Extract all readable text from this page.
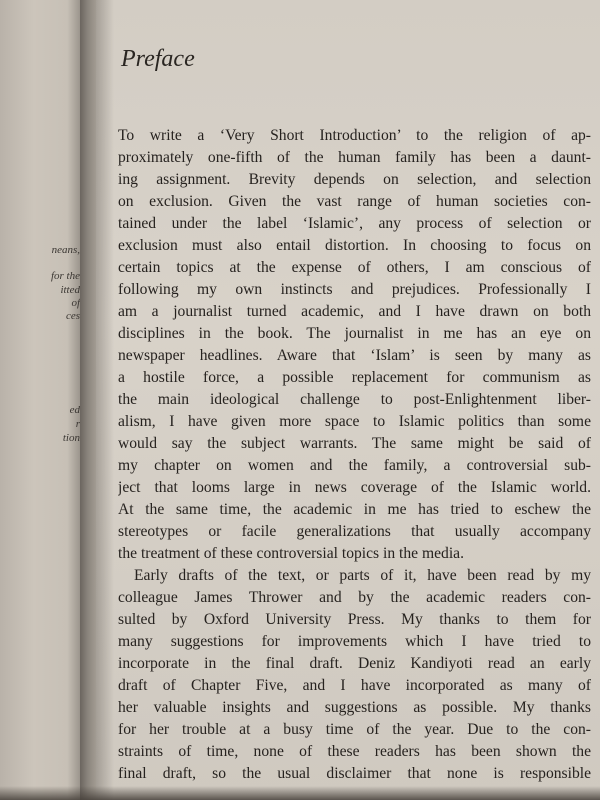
neans,
for the
itted
of
ces
ed
r
tion
Preface
To write a ‘Very Short Introduction’ to the religion of ap-
proximately one-fifth of the human family has been a daunt-
ing assignment. Brevity depends on selection, and selection
on exclusion. Given the vast range of human societies con-
tained under the label ‘Islamic’, any process of selection or
exclusion must also entail distortion. In choosing to focus on
certain topics at the expense of others, I am conscious of
following my own instincts and prejudices. Professionally I
am a journalist turned academic, and I have drawn on both
disciplines in the book. The journalist in me has an eye on
newspaper headlines. Aware that ‘Islam’ is seen by many as
a hostile force, a possible replacement for communism as
the main ideological challenge to post-Enlightenment liber-
alism, I have given more space to Islamic politics than some
would say the subject warrants. The same might be said of
my chapter on women and the family, a controversial sub-
ject that looms large in news coverage of the Islamic world.
At the same time, the academic in me has tried to eschew the
stereotypes or facile generalizations that usually accompany
the treatment of these controversial topics in the media.
Early drafts of the text, or parts of it, have been read by my
colleague James Thrower and by the academic readers con-
sulted by Oxford University Press. My thanks to them for
many suggestions for improvements which I have tried to
incorporate in the final draft. Deniz Kandiyoti read an early
draft of Chapter Five, and I have incorporated as many of
her valuable insights and suggestions as possible. My thanks
for her trouble at a busy time of the year. Due to the con-
straints of time, none of these readers has been shown the
final draft, so the usual disclaimer that none is responsible
